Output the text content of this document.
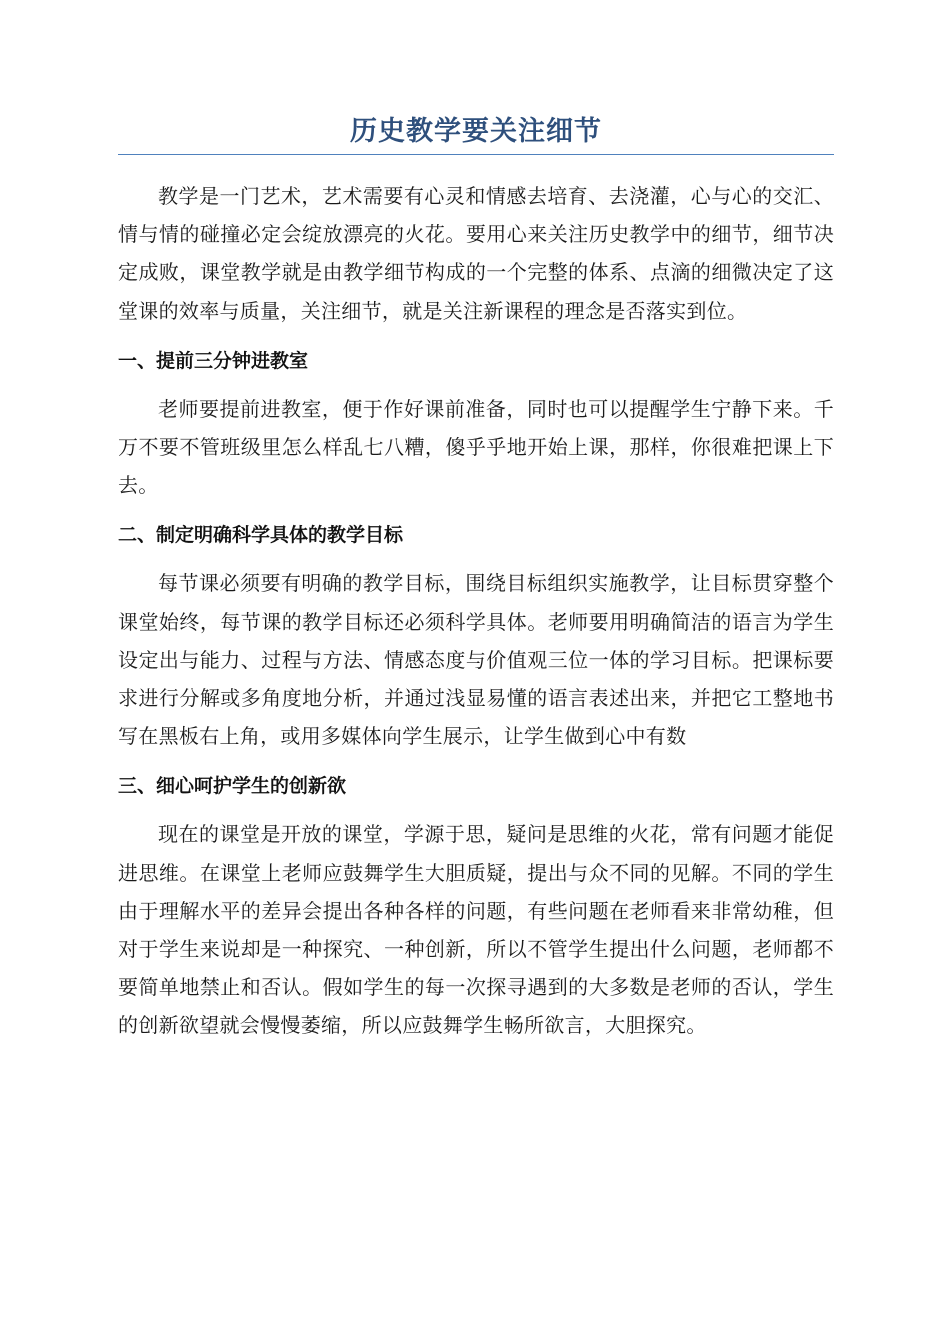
历史教学要关注细节

教学是一门艺术，艺术需要有心灵和情感去培育、去浇灌，心与心的交汇、情与情的碰撞必定会绽放漂亮的火花。要用心来关注历史教学中的细节，细节决定成败，课堂教学就是由教学细节构成的一个完整的体系、点滴的细微决定了这堂课的效率与质量，关注细节，就是关注新课程的理念是否落实到位。

一、提前三分钟进教室

老师要提前进教室，便于作好课前准备，同时也可以提醒学生宁静下来。千万不要不管班级里怎么样乱七八糟，傻乎乎地开始上课，那样，你很难把课上下去。

二、制定明确科学具体的教学目标

每节课必须要有明确的教学目标，围绕目标组织实施教学，让目标贯穿整个课堂始终，每节课的教学目标还必须科学具体。老师要用明确简洁的语言为学生设定出与能力、过程与方法、情感态度与价值观三位一体的学习目标。把课标要求进行分解或多角度地分析，并通过浅显易懂的语言表述出来，并把它工整地书写在黑板右上角，或用多媒体向学生展示，让学生做到心中有数

三、细心呵护学生的创新欲

现在的课堂是开放的课堂，学源于思，疑问是思维的火花，常有问题才能促进思维。在课堂上老师应鼓舞学生大胆质疑，提出与众不同的见解。不同的学生由于理解水平的差异会提出各种各样的问题，有些问题在老师看来非常幼稚，但对于学生来说却是一种探究、一种创新，所以不管学生提出什么问题，老师都不要简单地禁止和否认。假如学生的每一次探寻遇到的大多数是老师的否认，学生的创新欲望就会慢慢萎缩，所以应鼓舞学生畅所欲言，大胆探究。
